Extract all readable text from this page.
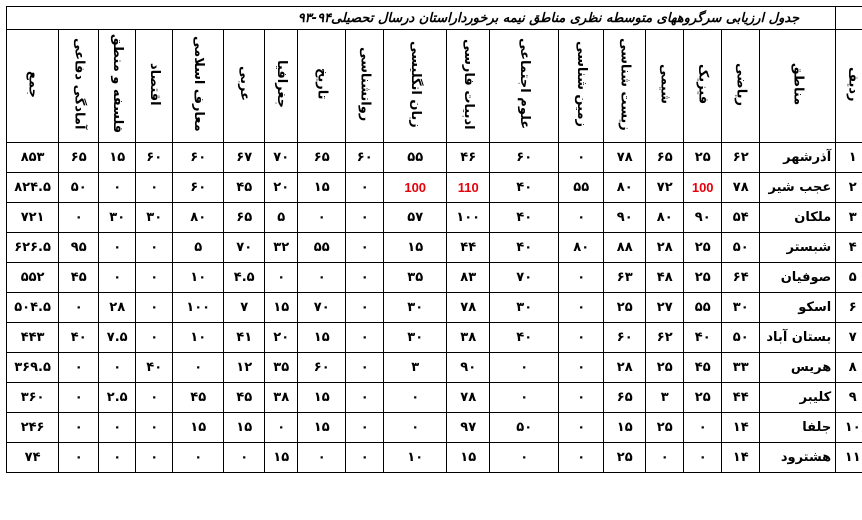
	جدول ارزیابی سرگروههای متوسطه نظری مناطق نیمه برخورداراستان درسال تحصیلی۹۴-۹۳																	
ردیف	مناطق	ریاضی	فیزیک	شیمی	زیست شناسی	زمین شناسی	علوم اجتماعی	ادبیات فارسی	زبان انگلیسی	روانشناسی	تاریخ	جغرافیا	عربی	معارف اسلامی	اقتصاد	فلسفه و منطق	آمادگی دفاعی	جمع
۱	آذرشهر	۶۲	۲۵	۶۵	۷۸	۰	۶۰	۴۶	۵۵	۶۰	۶۵	۷۰	۶۷	۶۰	۶۰	۱۵	۶۵	۸۵۳
۲	عجب شیر	۷۸	100	۷۲	۸۰	۵۵	۴۰	110	100	۰	۱۵	۲۰	۴۵	۶۰	۰	۰	۵۰	۸۲۴.۵
۳	ملکان	۵۴	۹۰	۸۰	۹۰	۰	۴۰	۱۰۰	۵۷	۰	۰	۵	۶۵	۸۰	۳۰	۳۰	۰	۷۲۱
۴	شبستر	۵۰	۲۵	۲۸	۸۸	۸۰	۴۰	۴۴	۱۵	۰	۵۵	۳۲	۷۰	۵	۰	۰	۹۵	۶۲۶.۵
۵	صوفیان	۶۴	۲۵	۴۸	۶۳	۰	۷۰	۸۳	۳۵	۰	۰	۰	۴.۵	۱۰	۰	۰	۴۵	۵۵۲
۶	اسکو	۳۰	۵۵	۲۷	۲۵	۰	۳۰	۷۸	۳۰	۰	۷۰	۱۵	۷	۱۰۰	۰	۲۸	۰	۵۰۴.۵
۷	بستان آباد	۵۰	۴۰	۶۲	۶۰	۰	۴۰	۳۸	۳۰	۰	۱۵	۲۰	۴۱	۱۰	۰	۷.۵	۴۰	۴۴۳
۸	هریس	۳۳	۴۵	۲۵	۲۸	۰	۰	۹۰	۳	۰	۶۰	۳۵	۱۲	۰	۴۰	۰	۰	۳۶۹.۵
۹	کلیبر	۴۴	۲۵	۳	۶۵	۰	۰	۷۸	۰	۰	۱۵	۳۸	۴۵	۴۵	۰	۲.۵	۰	۳۶۰
۱۰	جلفا	۱۴	۰	۲۵	۱۵	۰	۵۰	۹۷	۰	۰	۱۵	۰	۱۵	۱۵	۰	۰	۰	۲۴۶
۱۱	هشترود	۱۴	۰	۰	۲۵	۰	۰	۱۵	۱۰	۰	۰	۱۵	۰	۰	۰	۰	۰	۷۴
